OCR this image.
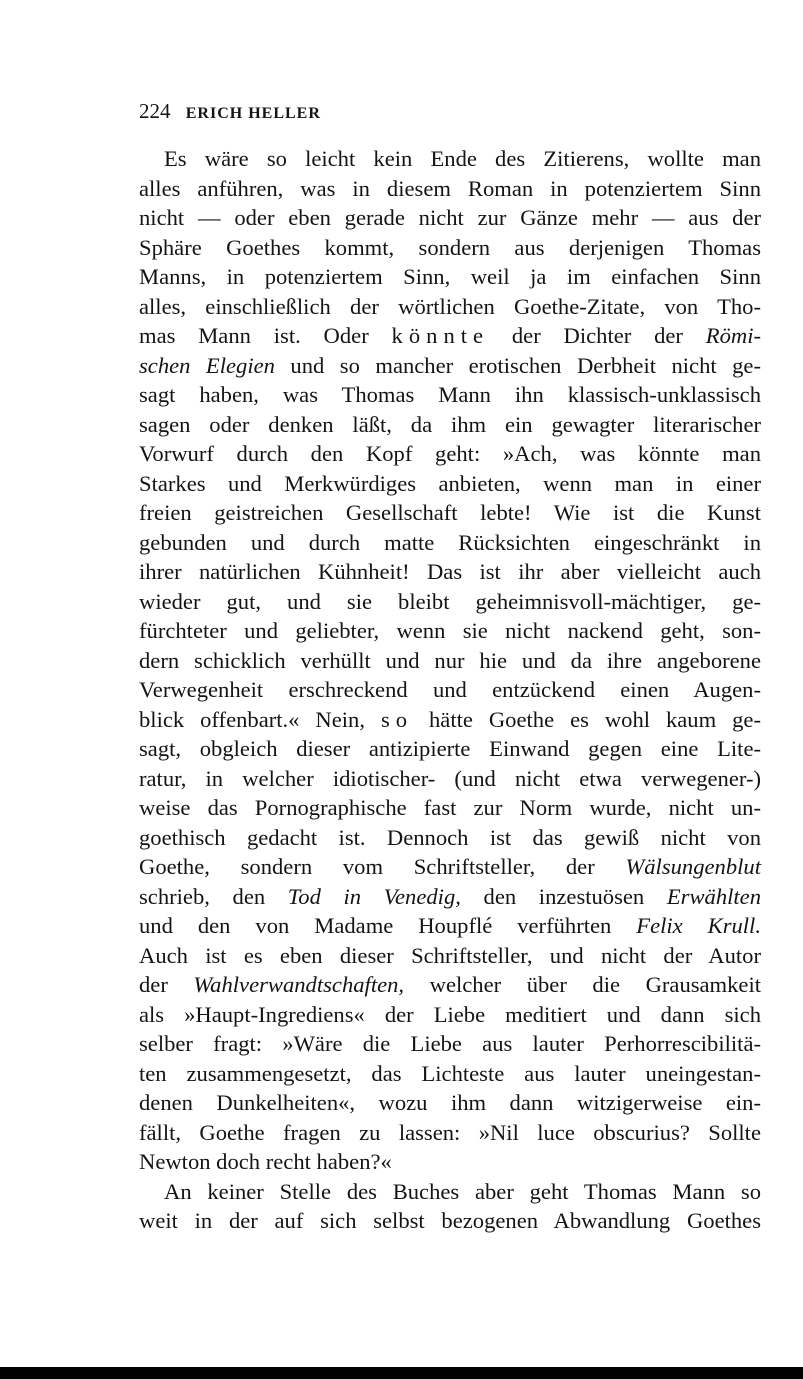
224 ERICH HELLER
Es wäre so leicht kein Ende des Zitierens, wollte man
alles anführen, was in diesem Roman in potenziertem Sinn
nicht — oder eben gerade nicht zur Gänze mehr — aus der
Sphäre Goethes kommt, sondern aus derjenigen Thomas
Manns, in potenziertem Sinn, weil ja im einfachen Sinn
alles, einschließlich der wörtlichen Goethe-Zitate, von Tho-
mas Mann ist. Oder könnte der Dichter der Römi-
schen Elegien und so mancher erotischen Derbheit nicht ge-
sagt haben, was Thomas Mann ihn klassisch-unklassisch
sagen oder denken läßt, da ihm ein gewagter literarischer
Vorwurf durch den Kopf geht: »Ach, was könnte man
Starkes und Merkwürdiges anbieten, wenn man in einer
freien geistreichen Gesellschaft lebte! Wie ist die Kunst
gebunden und durch matte Rücksichten eingeschränkt in
ihrer natürlichen Kühnheit! Das ist ihr aber vielleicht auch
wieder gut, und sie bleibt geheimnisvoll-mächtiger, ge-
fürchteter und geliebter, wenn sie nicht nackend geht, son-
dern schicklich verhüllt und nur hie und da ihre angeborene
Verwegenheit erschreckend und entzückend einen Augen-
blick offenbart.« Nein, so hätte Goethe es wohl kaum ge-
sagt, obgleich dieser antizipierte Einwand gegen eine Lite-
ratur, in welcher idiotischer- (und nicht etwa verwegener-)
weise das Pornographische fast zur Norm wurde, nicht un-
goethisch gedacht ist. Dennoch ist das gewiß nicht von
Goethe, sondern vom Schriftsteller, der Wälsungenblut
schrieb, den Tod in Venedig, den inzestuösen Erwählten
und den von Madame Houpflé verführten Felix Krull.
Auch ist es eben dieser Schriftsteller, und nicht der Autor
der Wahlverwandtschaften, welcher über die Grausamkeit
als »Haupt-Ingrediens« der Liebe meditiert und dann sich
selber fragt: »Wäre die Liebe aus lauter Perhorrescibilitä-
ten zusammengesetzt, das Lichteste aus lauter uneingestan-
denen Dunkelheiten«, wozu ihm dann witzigerweise ein-
fällt, Goethe fragen zu lassen: »Nil luce obscurius? Sollte
Newton doch recht haben?«
An keiner Stelle des Buches aber geht Thomas Mann so
weit in der auf sich selbst bezogenen Abwandlung Goethes
